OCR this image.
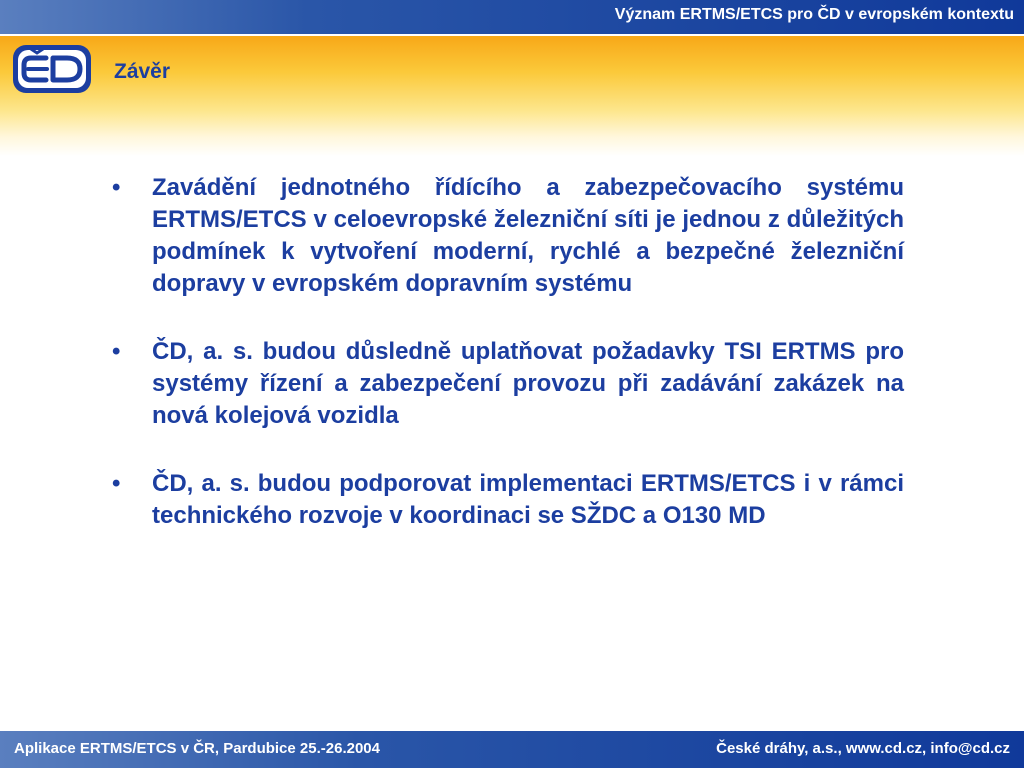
Význam ERTMS/ETCS pro ČD v evropském kontextu
Závěr
•	Zavádění jednotného řídícího a zabezpečovacího systému ERTMS/ETCS v celoevropské železniční síti je jednou z důležitých podmínek k vytvoření moderní, rychlé a bezpečné železniční dopravy v evropském dopravním systému
•	ČD, a. s. budou důsledně uplatňovat požadavky TSI ERTMS pro systémy řízení a zabezpečení provozu při zadávání zakázek na nová kolejová vozidla
•	ČD, a. s. budou podporovat implementaci ERTMS/ETCS i v rámci technického rozvoje v koordinaci se SŽDC a O130 MD
Aplikace ERTMS/ETCS v ČR, Pardubice 25.-26.2004	České dráhy, a.s., www.cd.cz, info@cd.cz
